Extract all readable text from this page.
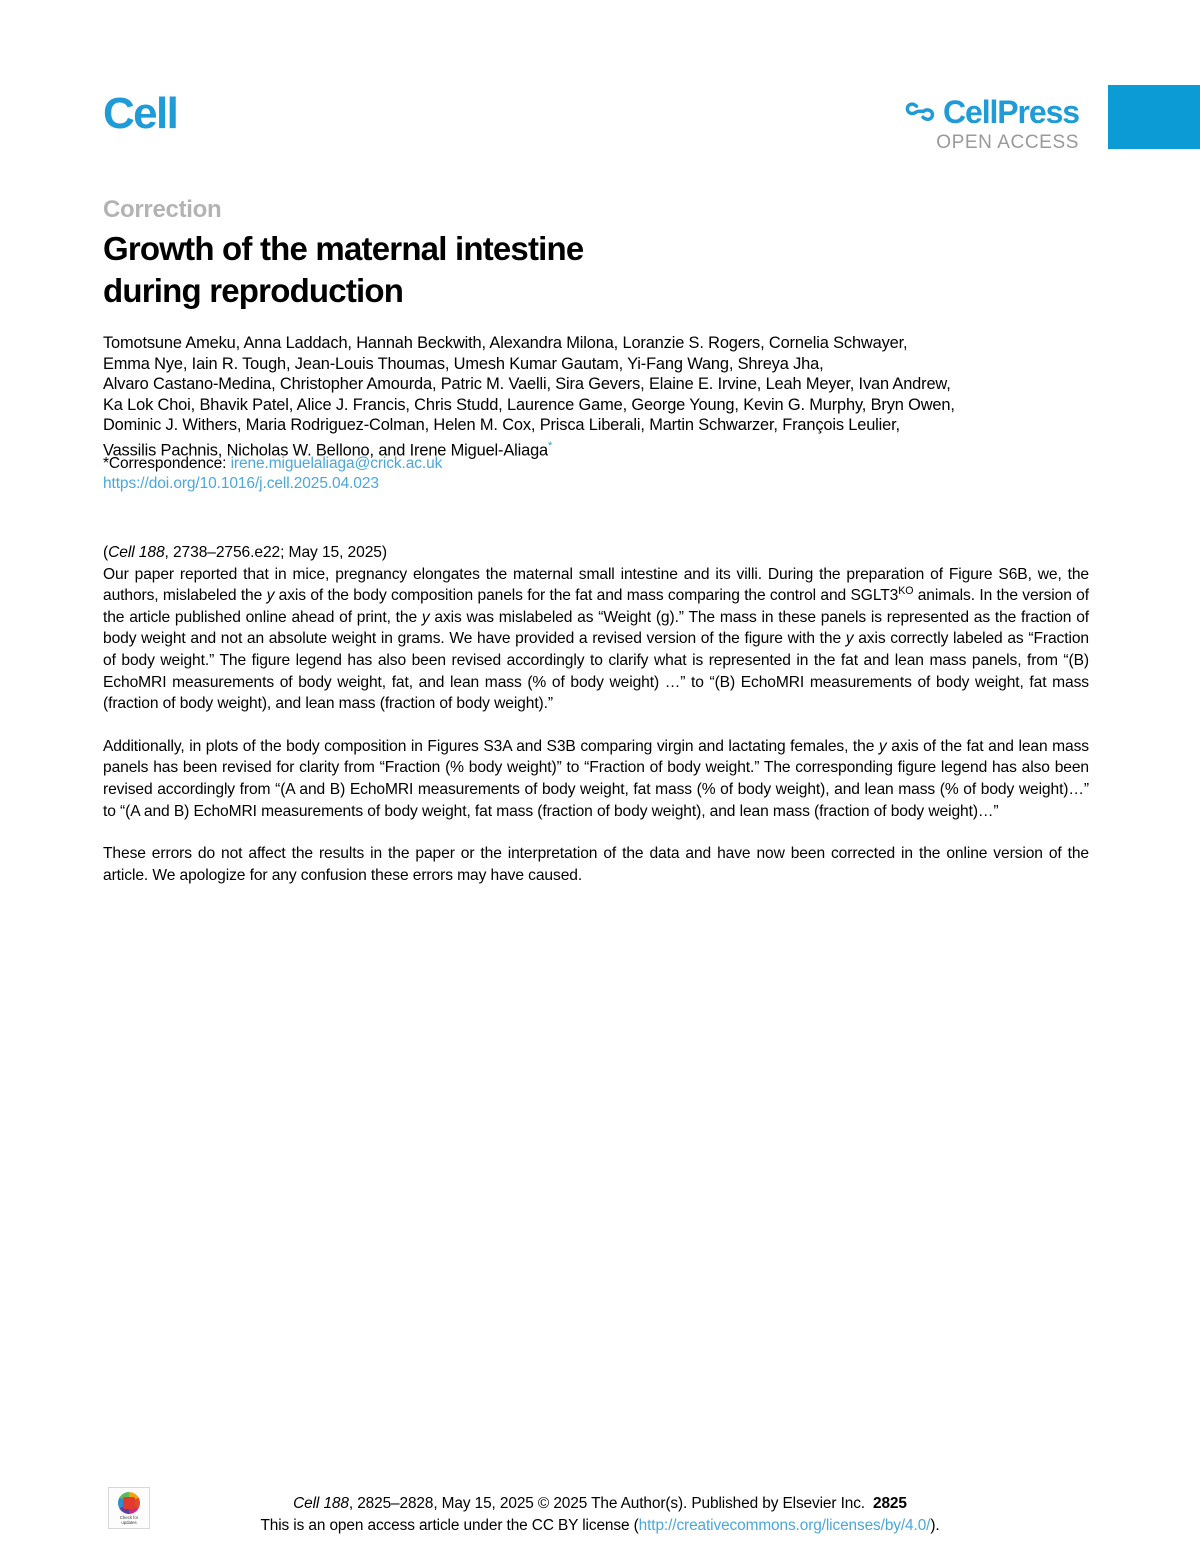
Cell	CellPress
OPEN ACCESS
Correction
Growth of the maternal intestine
during reproduction
Tomotsune Ameku, Anna Laddach, Hannah Beckwith, Alexandra Milona, Loranzie S. Rogers, Cornelia Schwayer,
Emma Nye, Iain R. Tough, Jean-Louis Thoumas, Umesh Kumar Gautam, Yi-Fang Wang, Shreya Jha,
Alvaro Castano-Medina, Christopher Amourda, Patric M. Vaelli, Sira Gevers, Elaine E. Irvine, Leah Meyer, Ivan Andrew,
Ka Lok Choi, Bhavik Patel, Alice J. Francis, Chris Studd, Laurence Game, George Young, Kevin G. Murphy, Bryn Owen,
Dominic J. Withers, Maria Rodriguez-Colman, Helen M. Cox, Prisca Liberali, Martin Schwarzer, François Leulier,
Vassilis Pachnis, Nicholas W. Bellono, and Irene Miguel-Aliaga*
*Correspondence: irene.miguelaliaga@crick.ac.uk
https://doi.org/10.1016/j.cell.2025.04.023

(Cell 188, 2738–2756.e22; May 15, 2025)

Our paper reported that in mice, pregnancy elongates the maternal small intestine and its villi. During the preparation of Figure S6B, we, the authors, mislabeled the y axis of the body composition panels for the fat and mass comparing the control and $SGLT3^{KO}$ animals. In the version of the article published online ahead of print, the y axis was mislabeled as “Weight (g).” The mass in these panels is represented as the fraction of body weight and not an absolute weight in grams. We have provided a revised version of the figure with the y axis correctly labeled as “Fraction of body weight.” The figure legend has also been revised accordingly to clarify what is represented in the fat and lean mass panels, from “(B) EchoMRI measurements of body weight, fat, and lean mass (% of body weight) …” to “(B) EchoMRI measurements of body weight, fat mass (fraction of body weight), and lean mass (fraction of body weight).”

Additionally, in plots of the body composition in Figures S3A and S3B comparing virgin and lactating females, the y axis of the fat and lean mass panels has been revised for clarity from “Fraction (% body weight)” to “Fraction of body weight.” The corresponding figure legend has also been revised accordingly from “(A and B) EchoMRI measurements of body weight, fat mass (% of body weight), and lean mass (% of body weight)…” to “(A and B) EchoMRI measurements of body weight, fat mass (fraction of body weight), and lean mass (fraction of body weight)…”

These errors do not affect the results in the paper or the interpretation of the data and have now been corrected in the online version of the article. We apologize for any confusion these errors may have caused.

Check for
updates
Cell 188, 2825–2828, May 15, 2025 © 2025 The Author(s). Published by Elsevier Inc. 2825
This is an open access article under the CC BY license (http://creativecommons.org/licenses/by/4.0/).
